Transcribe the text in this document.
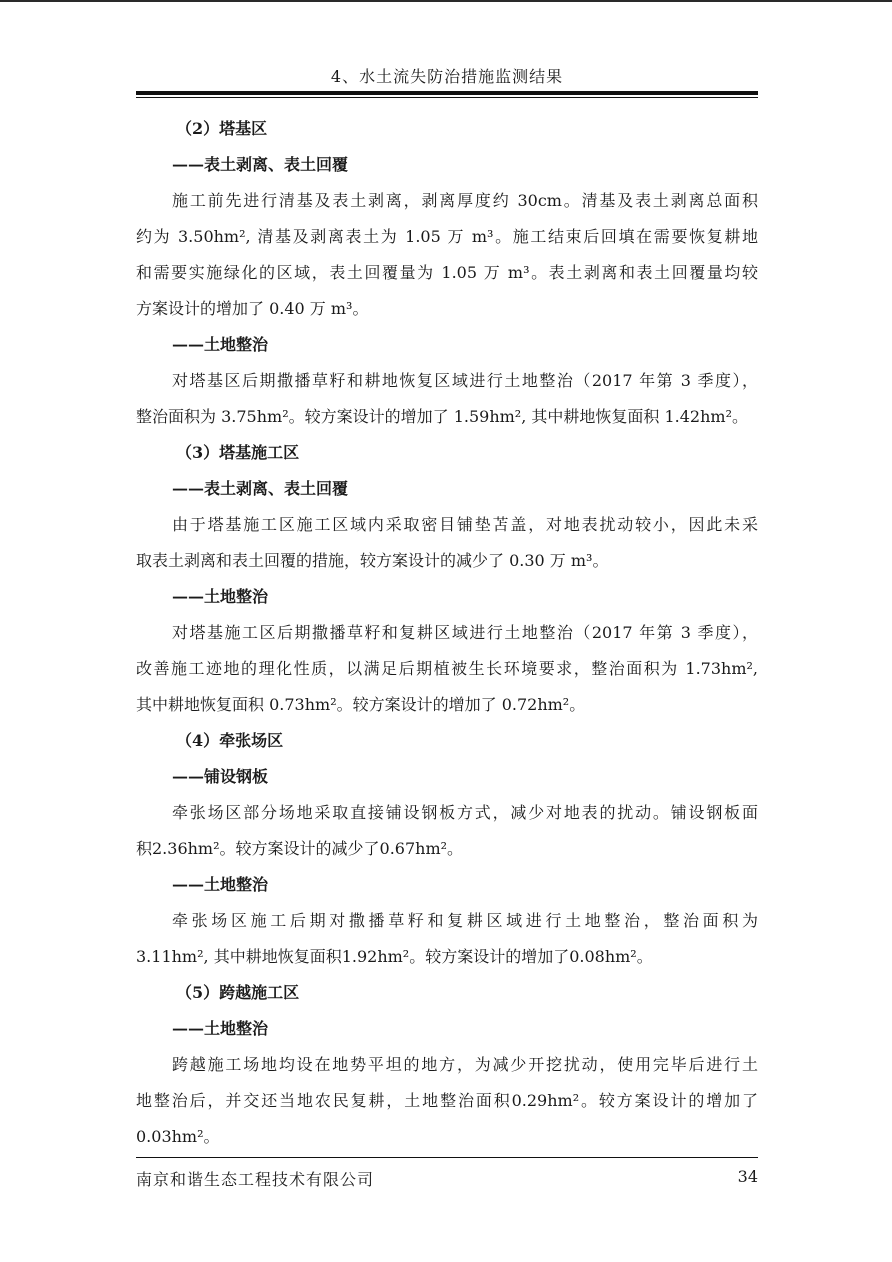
4、水土流失防治措施监测结果
（2）塔基区
——表土剥离、表土回覆
施工前先进行清基及表土剥离，剥离厚度约 30cm。清基及表土剥离总面积
约为 3.50hm², 清基及剥离表土为 1.05 万 m³。施工结束后回填在需要恢复耕地
和需要实施绿化的区域，表土回覆量为 1.05 万 m³。表土剥离和表土回覆量均较
方案设计的增加了 0.40 万 m³。
——土地整治
对塔基区后期撒播草籽和耕地恢复区域进行土地整治（2017 年第 3 季度），
整治面积为 3.75hm²。较方案设计的增加了 1.59hm², 其中耕地恢复面积 1.42hm²。
（3）塔基施工区
——表土剥离、表土回覆
由于塔基施工区施工区域内采取密目铺垫苫盖，对地表扰动较小，因此未采
取表土剥离和表土回覆的措施，较方案设计的减少了 0.30 万 m³。
——土地整治
对塔基施工区后期撒播草籽和复耕区域进行土地整治（2017 年第 3 季度），
改善施工迹地的理化性质，以满足后期植被生长环境要求，整治面积为 1.73hm²,
其中耕地恢复面积 0.73hm²。较方案设计的增加了 0.72hm²。
（4）牵张场区
——铺设钢板
牵张场区部分场地采取直接铺设钢板方式，减少对地表的扰动。铺设钢板面
积2.36hm²。较方案设计的减少了0.67hm²。
——土地整治
牵张场区施工后期对撒播草籽和复耕区域进行土地整治，整治面积为
3.11hm², 其中耕地恢复面积1.92hm²。较方案设计的增加了0.08hm²。
（5）跨越施工区
——土地整治
跨越施工场地均设在地势平坦的地方，为减少开挖扰动，使用完毕后进行土
地整治后，并交还当地农民复耕，土地整治面积0.29hm²。较方案设计的增加了
0.03hm²。
南京和谐生态工程技术有限公司	34
